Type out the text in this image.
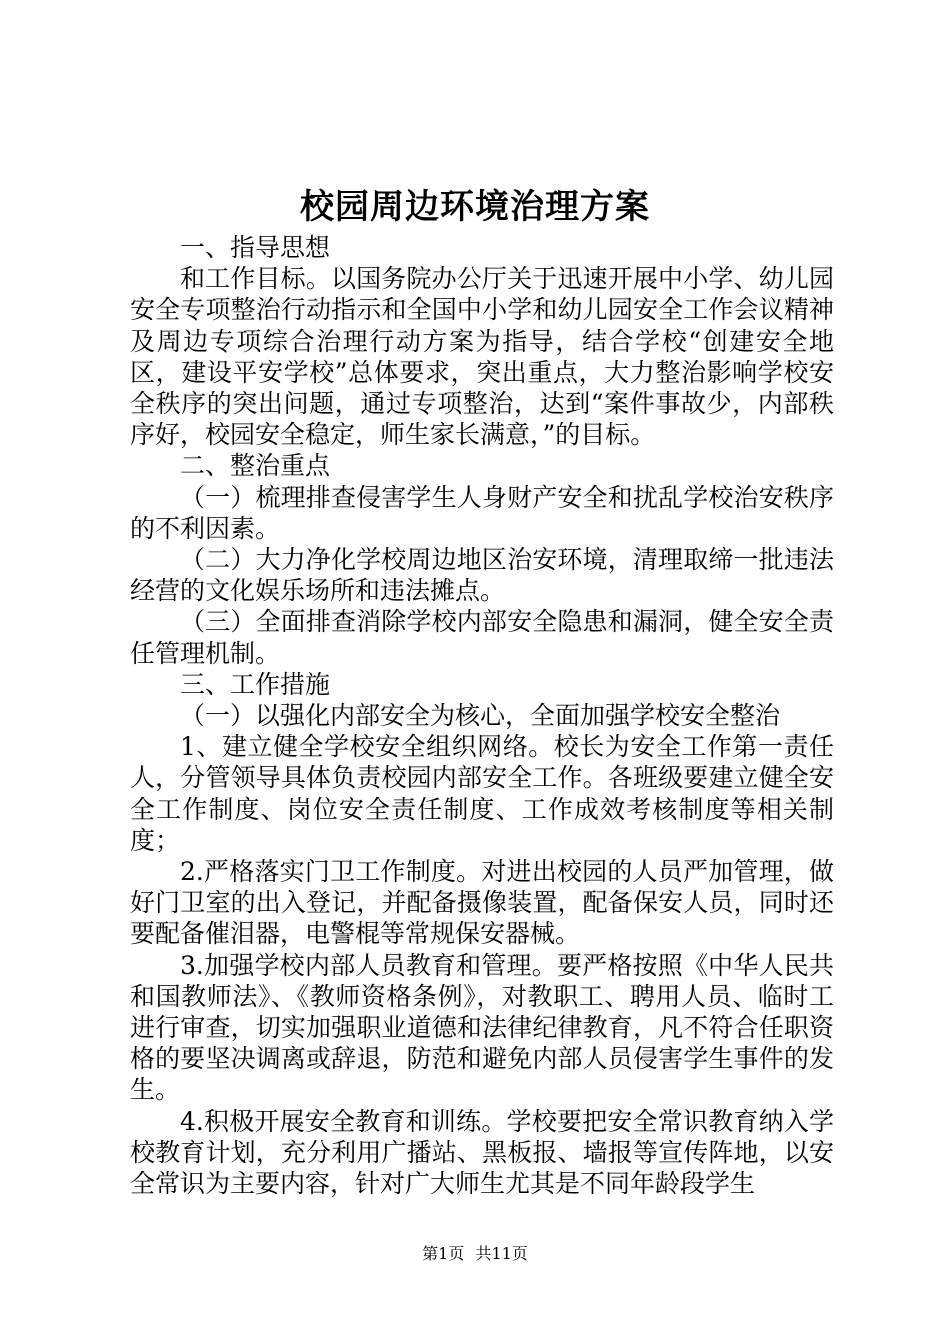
校园周边环境治理方案

一、指导思想

和工作目标。以国务院办公厅关于迅速开展中小学、幼儿园安全专项整治行动指示和全国中小学和幼儿园安全工作会议精神及周边专项综合治理行动方案为指导，结合学校“创建安全地区，建设平安学校”总体要求，突出重点，大力整治影响学校安全秩序的突出问题，通过专项整治，达到“案件事故少，内部秩序好，校园安全稳定，师生家长满意，”的目标。

二、整治重点

（一）梳理排查侵害学生人身财产安全和扰乱学校治安秩序的不利因素。

（二）大力净化学校周边地区治安环境，清理取缔一批违法经营的文化娱乐场所和违法摊点。

（三）全面排查消除学校内部安全隐患和漏洞，健全安全责任管理机制。

三、工作措施

（一）以强化内部安全为核心，全面加强学校安全整治

1、建立健全学校安全组织网络。校长为安全工作第一责任人，分管领导具体负责校园内部安全工作。各班级要建立健全安全工作制度、岗位安全责任制度、工作成效考核制度等相关制度；

2.严格落实门卫工作制度。对进出校园的人员严加管理，做好门卫室的出入登记，并配备摄像装置，配备保安人员，同时还要配备催泪器，电警棍等常规保安器械。

3.加强学校内部人员教育和管理。要严格按照《中华人民共和国教师法》、《教师资格条例》，对教职工、聘用人员、临时工进行审查，切实加强职业道德和法律纪律教育，凡不符合任职资格的要坚决调离或辞退，防范和避免内部人员侵害学生事件的发生。

4.积极开展安全教育和训练。学校要把安全常识教育纳入学校教育计划，充分利用广播站、黑板报、墙报等宣传阵地，以安全常识为主要内容，针对广大师生尤其是不同年龄段学生

第1页 共11页
